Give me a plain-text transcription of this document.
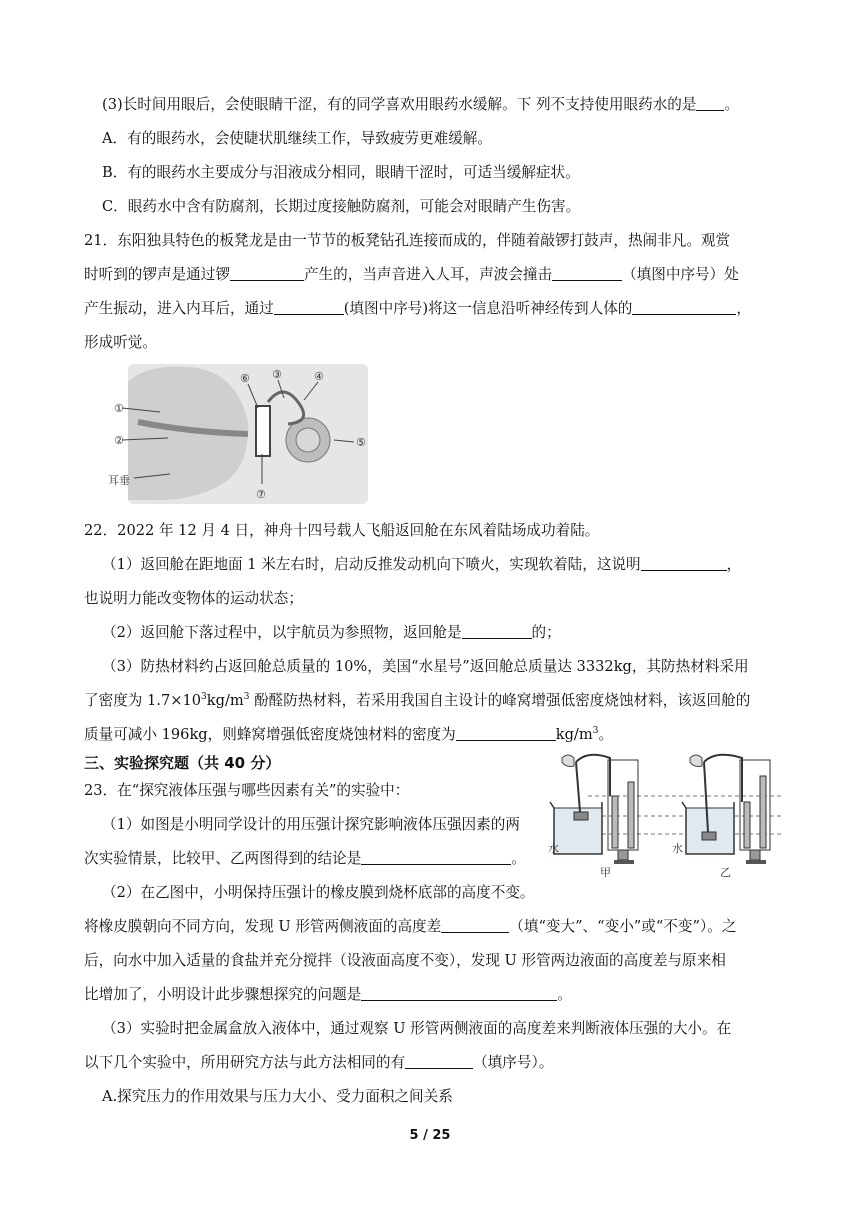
(3)长时间用眼后，会使眼睛干涩，有的同学喜欢用眼药水缓解。下 列不支持使用眼药水的是 。
A．有的眼药水，会使睫状肌继续工作，导致疲劳更难缓解。
B．有的眼药水主要成分与泪液成分相同，眼睛干涩时，可适当缓解症状。
C．眼药水中含有防腐剂，长期过度接触防腐剂，可能会对眼睛产生伤害。
21．东阳独具特色的板凳龙是由一节节的板凳钻孔连接而成的，伴随着敲锣打鼓声，热闹非凡。观赏
时听到的锣声是通过锣	产生的，当声音进入人耳，声波会撞击	（填图中序号）处
产生振动，进入内耳后，通过	(填图中序号)将这一信息沿听神经传到人体的	，
形成听觉。
①
②
③	④
⑤
⑥
⑦
耳垂
22．2022 年 12 月 4 日，神舟十四号载人飞船返回舱在东风着陆场成功着陆。
（1）返回舱在距地面 1 米左右时，启动反推发动机向下喷火，实现软着陆，这说明	，
也说明力能改变物体的运动状态；
（2）返回舱下落过程中，以宇航员为参照物，返回舱是	的；
（3）防热材料约占返回舱总质量的 10%，美国“水星号”返回舱总质量达 3332kg，其防热材料采用
了密度为 $1.7\times 10^3kg/m^3$ 酚醛防热材料，若采用我国自主设计的峰窝增强低密度烧蚀材料，该返回舱的
质量可减小 196kg，则蜂窝增强低密度烧蚀材料的密度为	$kg/m^3$。
三、实验探究题（共 40 分）
23．在“探究液体压强与哪些因素有关”的实验中：
（1）如图是小明同学设计的用压强计探究影响液体压强因素的两
次实验情景，比较甲、乙两图得到的结论是	。
（2）在乙图中，小明保持压强计的橡皮膜到烧杯底部的高度不变。
将橡皮膜朝向不同方向，发现 U 形管两侧液面的高度差	（填“变大”、“变小”或“不变”）。之
后，向水中加入适量的食盐并充分搅拌（设液面高度不变），发现 U 形管两边液面的高度差与原来相
比增加了，小明设计此步骤想探究的问题是	。
（3）实验时把金属盒放入液体中，通过观察 U 形管两侧液面的高度差来判断液体压强的大小。在
以下几个实验中，所用研究方法与此方法相同的有	（填序号）。
A.探究压力的作用效果与压力大小、受力面积之间关系
水	水
甲	乙
5 / 25
